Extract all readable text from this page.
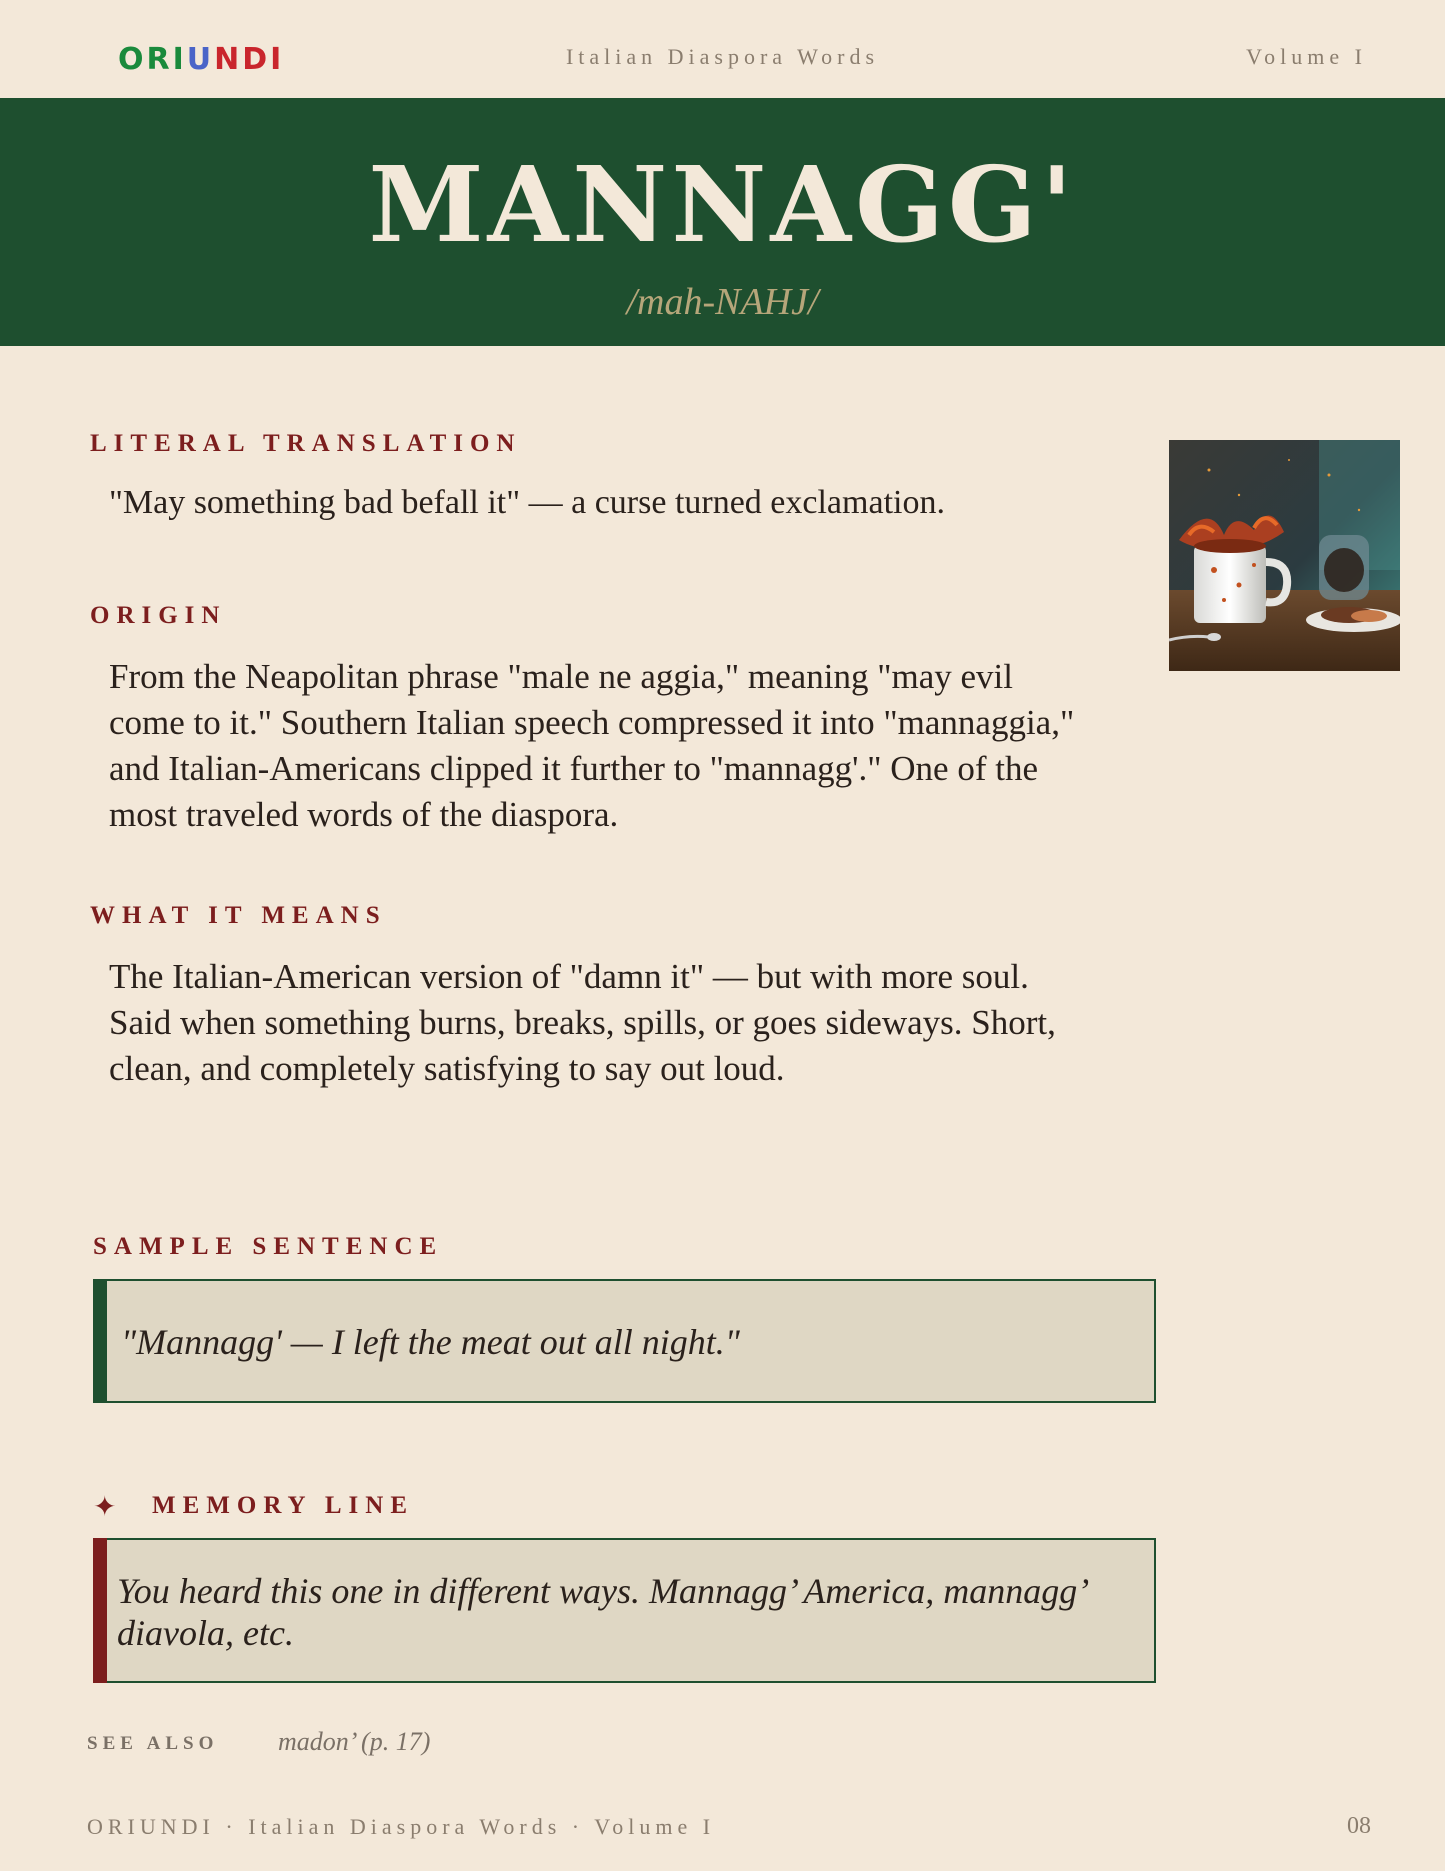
ORIUNDI	Italian Diaspora Words	Volume I
MANNAGG'
/mah-NAHJ/
LITERAL TRANSLATION
"May something bad befall it" — a curse turned exclamation.
ORIGIN
From the Neapolitan phrase "male ne aggia," meaning "may evil
come to it." Southern Italian speech compressed it into "mannaggia,"
and Italian-Americans clipped it further to "mannagg'." One of the
most traveled words of the diaspora.
WHAT IT MEANS
The Italian-American version of "damn it" — but with more soul.
Said when something burns, breaks, spills, or goes sideways. Short,
clean, and completely satisfying to say out loud.
SAMPLE SENTENCE
"Mannagg' — I left the meat out all night."
✦ MEMORY LINE
You heard this one in different ways. Mannagg’ America, mannagg’
diavola, etc.
SEE ALSO madon’ (p. 17)
ORIUNDI · Italian Diaspora Words · Volume I	08
